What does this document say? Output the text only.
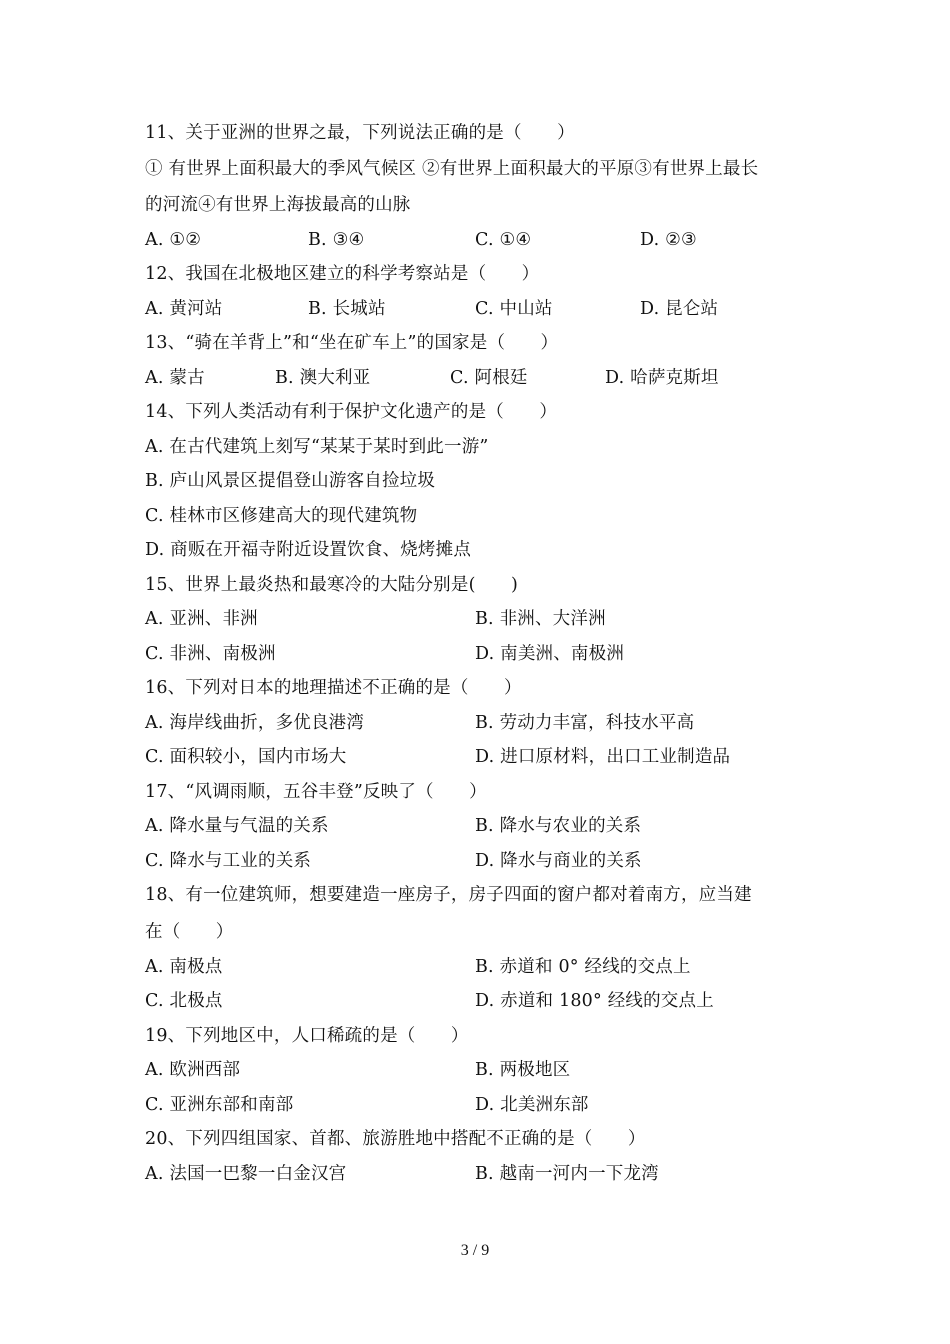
11、关于亚洲的世界之最，下列说法正确的是（　　）
① 有世界上面积最大的季风气候区 ②有世界上面积最大的平原③有世界上最长
的河流④有世界上海拔最高的山脉
A. ①②	B. ③④	C. ①④	D. ②③
12、我国在北极地区建立的科学考察站是（　　）
A. 黄河站	B. 长城站	C. 中山站	D. 昆仑站
13、“骑在羊背上”和“坐在矿车上”的国家是（　　）
A. 蒙古	B. 澳大利亚	C. 阿根廷	D. 哈萨克斯坦
14、下列人类活动有利于保护文化遗产的是（　　）
A. 在古代建筑上刻写“某某于某时到此一游”
B. 庐山风景区提倡登山游客自捡垃圾
C. 桂林市区修建高大的现代建筑物
D. 商贩在开福寺附近设置饮食、烧烤摊点
15、世界上最炎热和最寒冷的大陆分别是(　　)
A. 亚洲、非洲	B. 非洲、大洋洲
C. 非洲、南极洲	D. 南美洲、南极洲
16、下列对日本的地理描述不正确的是（　　）
A. 海岸线曲折，多优良港湾	B. 劳动力丰富，科技水平高
C. 面积较小，国内市场大	D. 进口原材料，出口工业制造品
17、“风调雨顺，五谷丰登”反映了（　　）
A. 降水量与气温的关系	B. 降水与农业的关系
C. 降水与工业的关系	D. 降水与商业的关系
18、有一位建筑师，想要建造一座房子，房子四面的窗户都对着南方，应当建
在（　　）
A. 南极点	B. 赤道和 0° 经线的交点上
C. 北极点	D. 赤道和 180° 经线的交点上
19、下列地区中，人口稀疏的是（　　）
A. 欧洲西部	B. 两极地区
C. 亚洲东部和南部	D. 北美洲东部
20、下列四组国家、首都、旅游胜地中搭配不正确的是（　　）
A. 法国一巴黎一白金汉宫	B. 越南一河内一下龙湾
3 / 9
